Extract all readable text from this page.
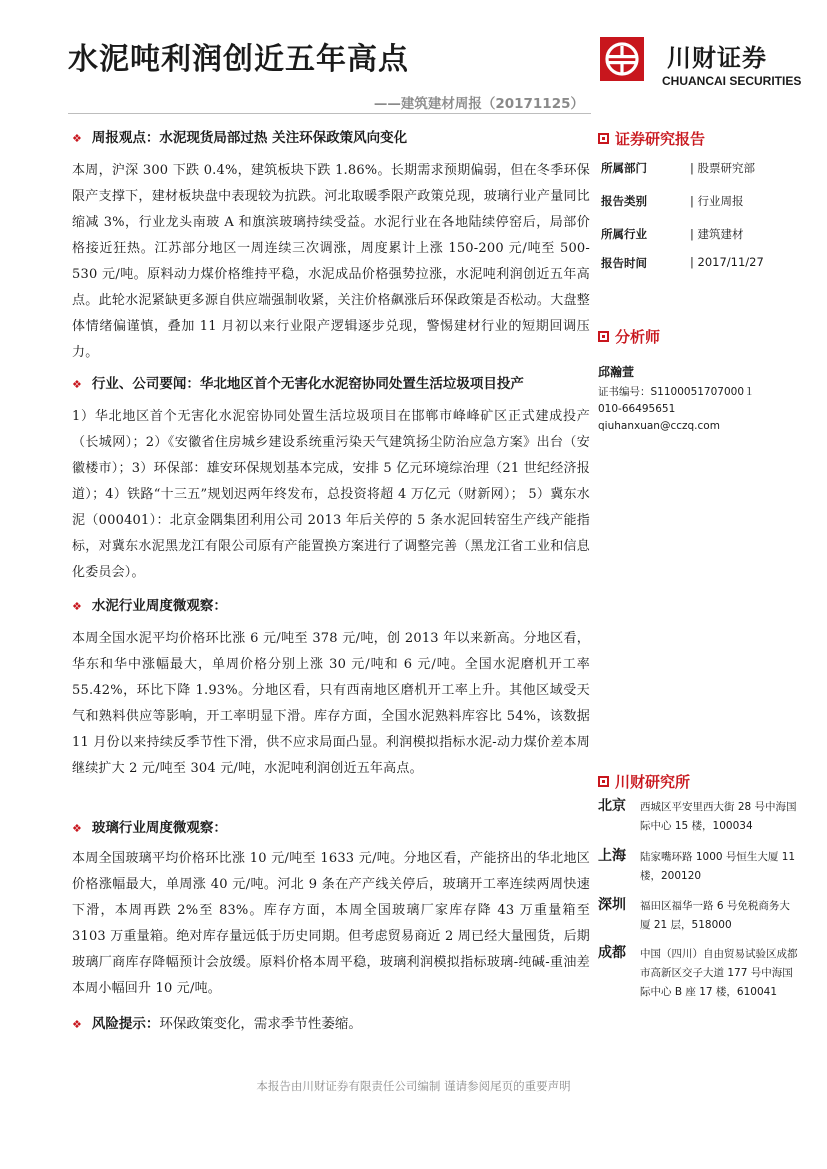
水泥吨利润创近五年高点
——建筑建材周报（20171125）
川财证券
CHUANCAI SECURITIES
❖ 周报观点：水泥现货局部过热 关注环保政策风向变化
本周，沪深 300 下跌 0.4%，建筑板块下跌 1.86%。长期需求预期偏弱，但在冬季环保限产支撑下，建材板块盘中表现较为抗跌。河北取暖季限产政策兑现，玻璃行业产量同比缩减 3%，行业龙头南玻 A 和旗滨玻璃持续受益。水泥行业在各地陆续停窑后，局部价格接近狂热。江苏部分地区一周连续三次调涨，周度累计上涨 150-200 元/吨至 500-530 元/吨。原料动力煤价格维持平稳，水泥成品价格强势拉涨，水泥吨利润创近五年高点。此轮水泥紧缺更多源自供应端强制收紧，关注价格飙涨后环保政策是否松动。大盘整体情绪偏谨慎，叠加 11 月初以来行业限产逻辑逐步兑现，警惕建材行业的短期回调压力。
❖ 行业、公司要闻：华北地区首个无害化水泥窑协同处置生活垃圾项目投产
1）华北地区首个无害化水泥窑协同处置生活垃圾项目在邯郸市峰峰矿区正式建成投产（长城网）；2）《安徽省住房城乡建设系统重污染天气建筑扬尘防治应急方案》出台（安徽楼市）；3）环保部：雄安环保规划基本完成，安排 5 亿元环境综治理（21 世纪经济报道）；4）铁路“十三五”规划迟两年终发布，总投资将超 4 万亿元（财新网）； 5）冀东水泥（000401）：北京金隅集团利用公司 2013 年后关停的 5 条水泥回转窑生产线产能指标，对冀东水泥黑龙江有限公司原有产能置换方案进行了调整完善（黑龙江省工业和信息化委员会）。
❖ 水泥行业周度微观察：
本周全国水泥平均价格环比涨 6 元/吨至 378 元/吨，创 2013 年以来新高。分地区看，华东和华中涨幅最大，单周价格分别上涨 30 元/吨和 6 元/吨。全国水泥磨机开工率 55.42%，环比下降 1.93%。分地区看，只有西南地区磨机开工率上升。其他区域受天气和熟料供应等影响，开工率明显下滑。库存方面，全国水泥熟料库容比 54%，该数据 11 月份以来持续反季节性下滑，供不应求局面凸显。利润模拟指标水泥-动力煤价差本周继续扩大 2 元/吨至 304 元/吨，水泥吨利润创近五年高点。
❖ 玻璃行业周度微观察：
本周全国玻璃平均价格环比涨 10 元/吨至 1633 元/吨。分地区看，产能挤出的华北地区价格涨幅最大，单周涨 40 元/吨。河北 9 条在产产线关停后，玻璃开工率连续两周快速下滑，本周再跌 2%至 83%。库存方面，本周全国玻璃厂家库存降 43 万重量箱至 3103 万重量箱。绝对库存量远低于历史同期。但考虑贸易商近 2 周已经大量囤货，后期玻璃厂商库存降幅预计会放缓。原料价格本周平稳，玻璃利润模拟指标玻璃-纯碱-重油差本周小幅回升 10 元/吨。
❖ 风险提示：环保政策变化，需求季节性萎缩。
证券研究报告
所属部门	| 股票研究部
报告类别	| 行业周报
所属行业	| 建筑建材
报告时间	| 2017/11/27
分析师
邱瀚萱
证书编号：S1100051707000１
010-66495651
qiuhanxuan@cczq.com
川财研究所
北京 西城区平安里西大街 28 号中海国际中心 15 楼，100034
上海 陆家嘴环路 1000 号恒生大厦 11 楼，200120
深圳 福田区福华一路 6 号免税商务大厦 21 层，518000
成都 中国（四川）自由贸易试验区成都市高新区交子大道 177 号中海国际中心 B 座 17 楼，610041
本报告由川财证券有限责任公司编制 谨请参阅尾页的重要声明
